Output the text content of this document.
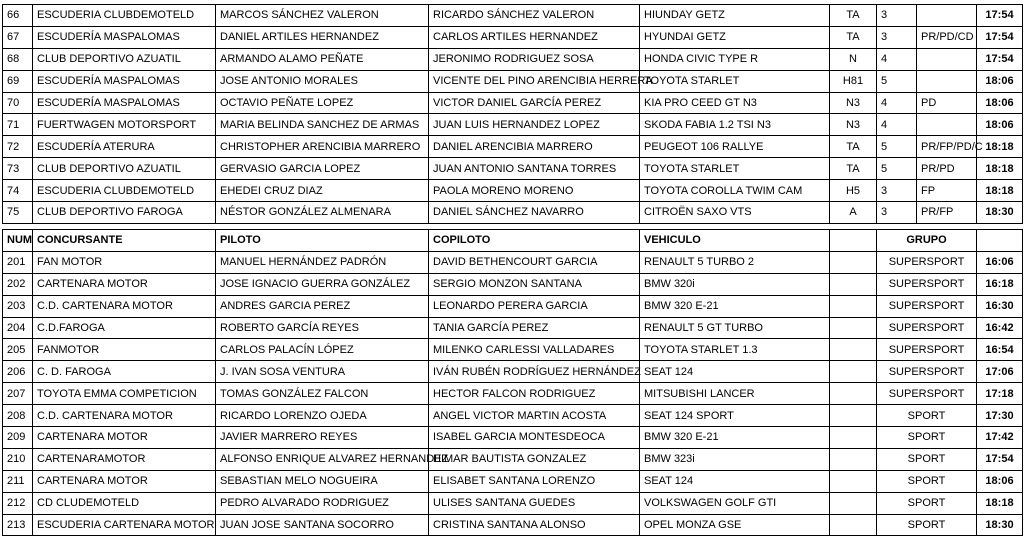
66	ESCUDERIA CLUBDEMOTELD	MARCOS SÁNCHEZ VALERON	RICARDO SÁNCHEZ VALERON	HIUNDAY GETZ	TA	3		17:54
67	ESCUDERÍA MASPALOMAS	DANIEL ARTILES HERNANDEZ	CARLOS ARTILES HERNANDEZ	HYUNDAI GETZ	TA	3	PR/PD/CD	17:54
68	CLUB DEPORTIVO AZUATIL	ARMANDO ALAMO PEÑATE	JERONIMO RODRIGUEZ SOSA	HONDA CIVIC TYPE R	N	4		17:54
69	ESCUDERÍA MASPALOMAS	JOSE ANTONIO MORALES	VICENTE DEL PINO ARENCIBIA HERRERA	TOYOTA STARLET	H81	5		18:06
70	ESCUDERÍA MASPALOMAS	OCTAVIO PEÑATE LOPEZ	VICTOR DANIEL GARCÍA PEREZ	KIA PRO CEED GT N3	N3	4	PD	18:06
71	FUERTWAGEN MOTORSPORT	MARIA BELINDA SANCHEZ DE ARMAS	JUAN LUIS HERNANDEZ LOPEZ	SKODA FABIA 1.2 TSI N3	N3	4		18:06
72	ESCUDERÍA ATERURA	CHRISTOPHER ARENCIBIA MARRERO	DANIEL ARENCIBIA MARRERO	PEUGEOT 106 RALLYE	TA	5	PR/FP/PD/C	18:18
73	CLUB DEPORTIVO AZUATIL	GERVASIO GARCIA LOPEZ	JUAN ANTONIO SANTANA TORRES	TOYOTA STARLET	TA	5	PR/PD	18:18
74	ESCUDERIA CLUBDEMOTELD	EHEDEI CRUZ DIAZ	PAOLA MORENO MORENO	TOYOTA COROLLA TWIM CAM	H5	3	FP	18:18
75	CLUB DEPORTIVO FAROGA	NÉSTOR GONZÁLEZ ALMENARA	DANIEL SÁNCHEZ NAVARRO	CITROËN SAXO VTS	A	3	PR/FP	18:30
NUM	CONCURSANTE	PILOTO	COPILOTO	VEHICULO		GRUPO	
201	FAN MOTOR	MANUEL HERNÁNDEZ PADRÓN	DAVID BETHENCOURT GARCIA	RENAULT 5 TURBO 2		SUPERSPORT	16:06
202	CARTENARA MOTOR	JOSE IGNACIO GUERRA GONZÁLEZ	SERGIO MONZON SANTANA	BMW 320i		SUPERSPORT	16:18
203	C.D. CARTENARA MOTOR	ANDRES GARCIA PEREZ	LEONARDO PERERA GARCIA	BMW 320 E-21		SUPERSPORT	16:30
204	C.D.FAROGA	ROBERTO GARCÍA REYES	TANIA GARCÍA PEREZ	RENAULT 5 GT TURBO		SUPERSPORT	16:42
205	FANMOTOR	CARLOS PALACÍN LÓPEZ	MILENKO CARLESSI VALLADARES	TOYOTA STARLET 1.3		SUPERSPORT	16:54
206	C. D. FAROGA	J. IVAN SOSA VENTURA	IVÁN RUBÉN RODRÍGUEZ HERNÁNDEZ	SEAT 124		SUPERSPORT	17:06
207	TOYOTA EMMA COMPETICION	TOMAS GONZÁLEZ FALCON	HECTOR FALCON RODRIGUEZ	MITSUBISHI LANCER		SUPERSPORT	17:18
208	C.D. CARTENARA MOTOR	RICARDO LORENZO OJEDA	ANGEL VICTOR MARTIN ACOSTA	SEAT 124 SPORT		SPORT	17:30
209	CARTENARA MOTOR	JAVIER MARRERO REYES	ISABEL GARCIA MONTESDEOCA	BMW 320 E-21		SPORT	17:42
210	CARTENARAMOTOR	ALFONSO ENRIQUE ALVAREZ HERNANDEZ	HIMAR BAUTISTA GONZALEZ	BMW 323i		SPORT	17:54
211	CARTENARA MOTOR	SEBASTIAN MELO NOGUEIRA	ELISABET SANTANA LORENZO	SEAT 124		SPORT	18:06
212	CD CLUDEMOTELD	PEDRO ALVARADO RODRIGUEZ	ULISES SANTANA GUEDES	VOLKSWAGEN GOLF GTI		SPORT	18:18
213	ESCUDERIA CARTENARA MOTOR	JUAN JOSE SANTANA SOCORRO	CRISTINA SANTANA ALONSO	OPEL MONZA GSE		SPORT	18:30
